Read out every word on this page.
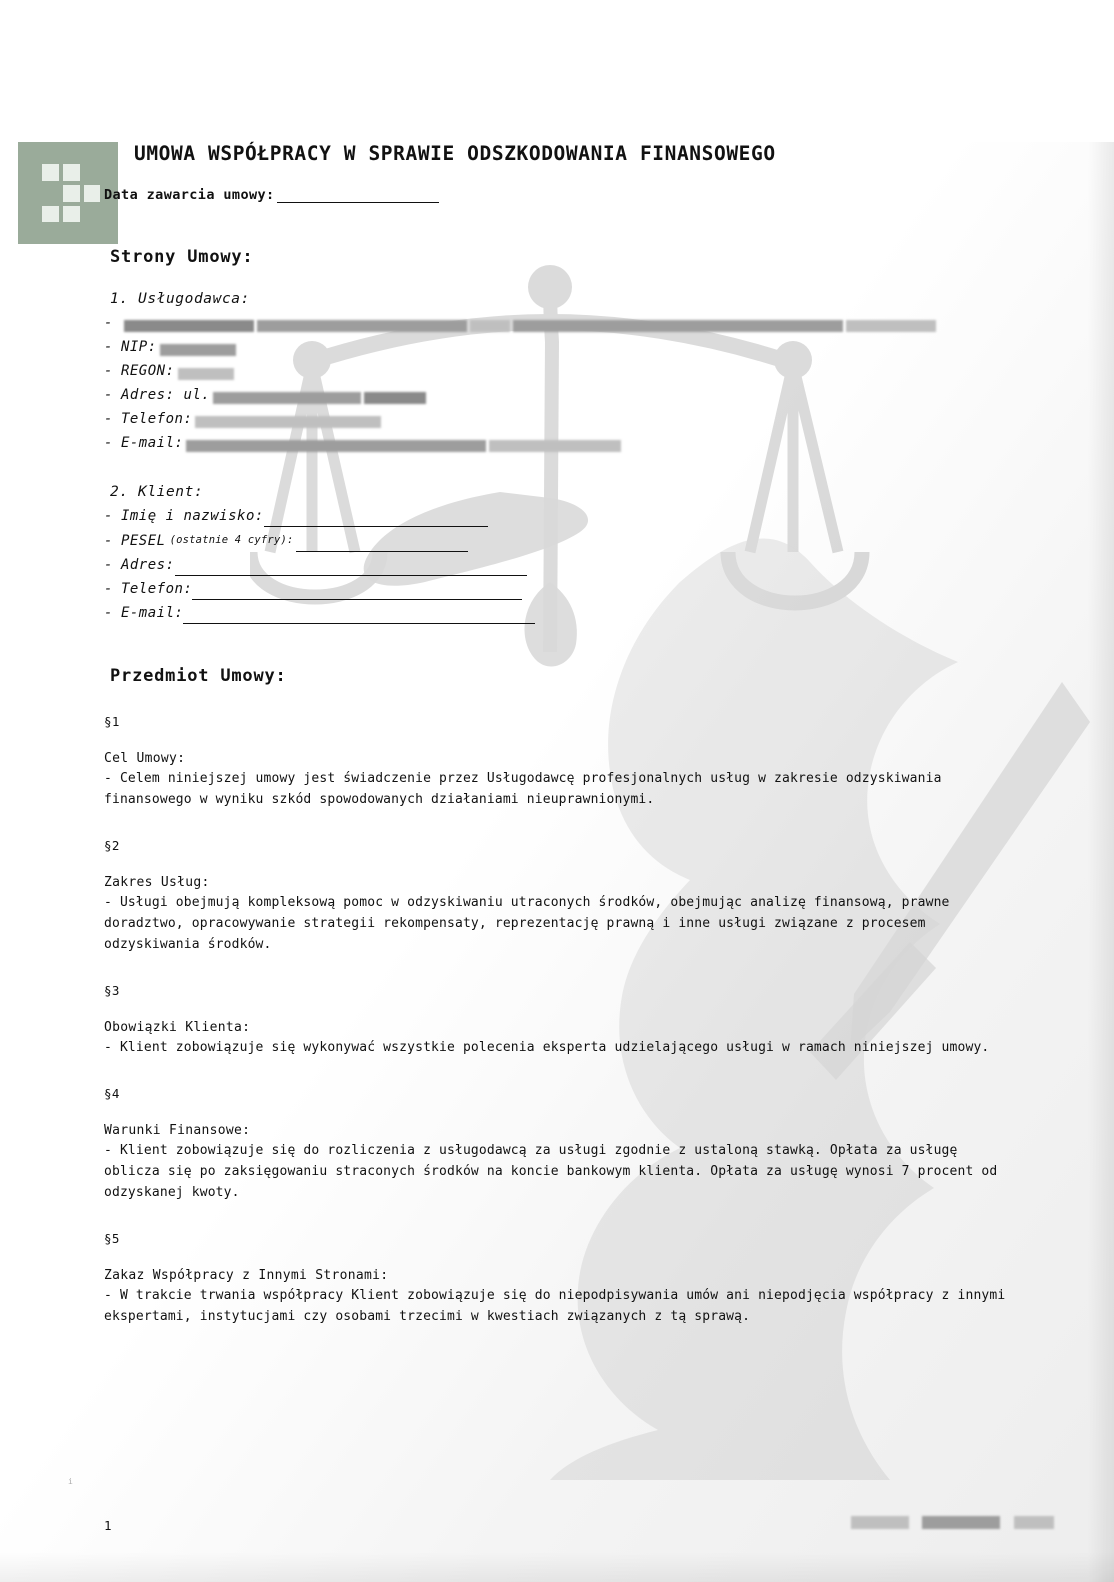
UMOWA WSPÓŁPRACY W SPRAWIE ODSZKODOWANIA FINANSOWEGO
Data zawarcia umowy:
Strony Umowy:
1. Usługodawca:
-
- NIP:
- REGON:
- Adres: ul.
- Telefon:
- E-mail:
2. Klient:
- Imię i nazwisko:
- PESEL (ostatnie 4 cyfry):
- Adres:
- Telefon:
- E-mail:
Przedmiot Umowy:
§1
Cel Umowy:
- Celem niniejszej umowy jest świadczenie przez Usługodawcę profesjonalnych usług w zakresie odzyskiwania finansowego w wyniku szkód spowodowanych działaniami nieuprawnionymi.
§2
Zakres Usług:
- Usługi obejmują kompleksową pomoc w odzyskiwaniu utraconych środków, obejmując analizę finansową, prawne doradztwo, opracowywanie strategii rekompensaty, reprezentację prawną i inne usługi związane z procesem odzyskiwania środków.
§3
Obowiązki Klienta:
- Klient zobowiązuje się wykonywać wszystkie polecenia eksperta udzielającego usługi w ramach niniejszej umowy.
§4
Warunki Finansowe:
- Klient zobowiązuje się do rozliczenia z usługodawcą za usługi zgodnie z ustaloną stawką. Opłata za usługę oblicza się po zaksięgowaniu straconych środków na koncie bankowym klienta. Opłata za usługę wynosi 7 procent od odzyskanej kwoty.
§5
Zakaz Współpracy z Innymi Stronami:
- W trakcie trwania współpracy Klient zobowiązuje się do niepodpisywania umów ani niepodjęcia współpracy z innymi ekspertami, instytucjami czy osobami trzecimi w kwestiach związanych z tą sprawą.
i
1
